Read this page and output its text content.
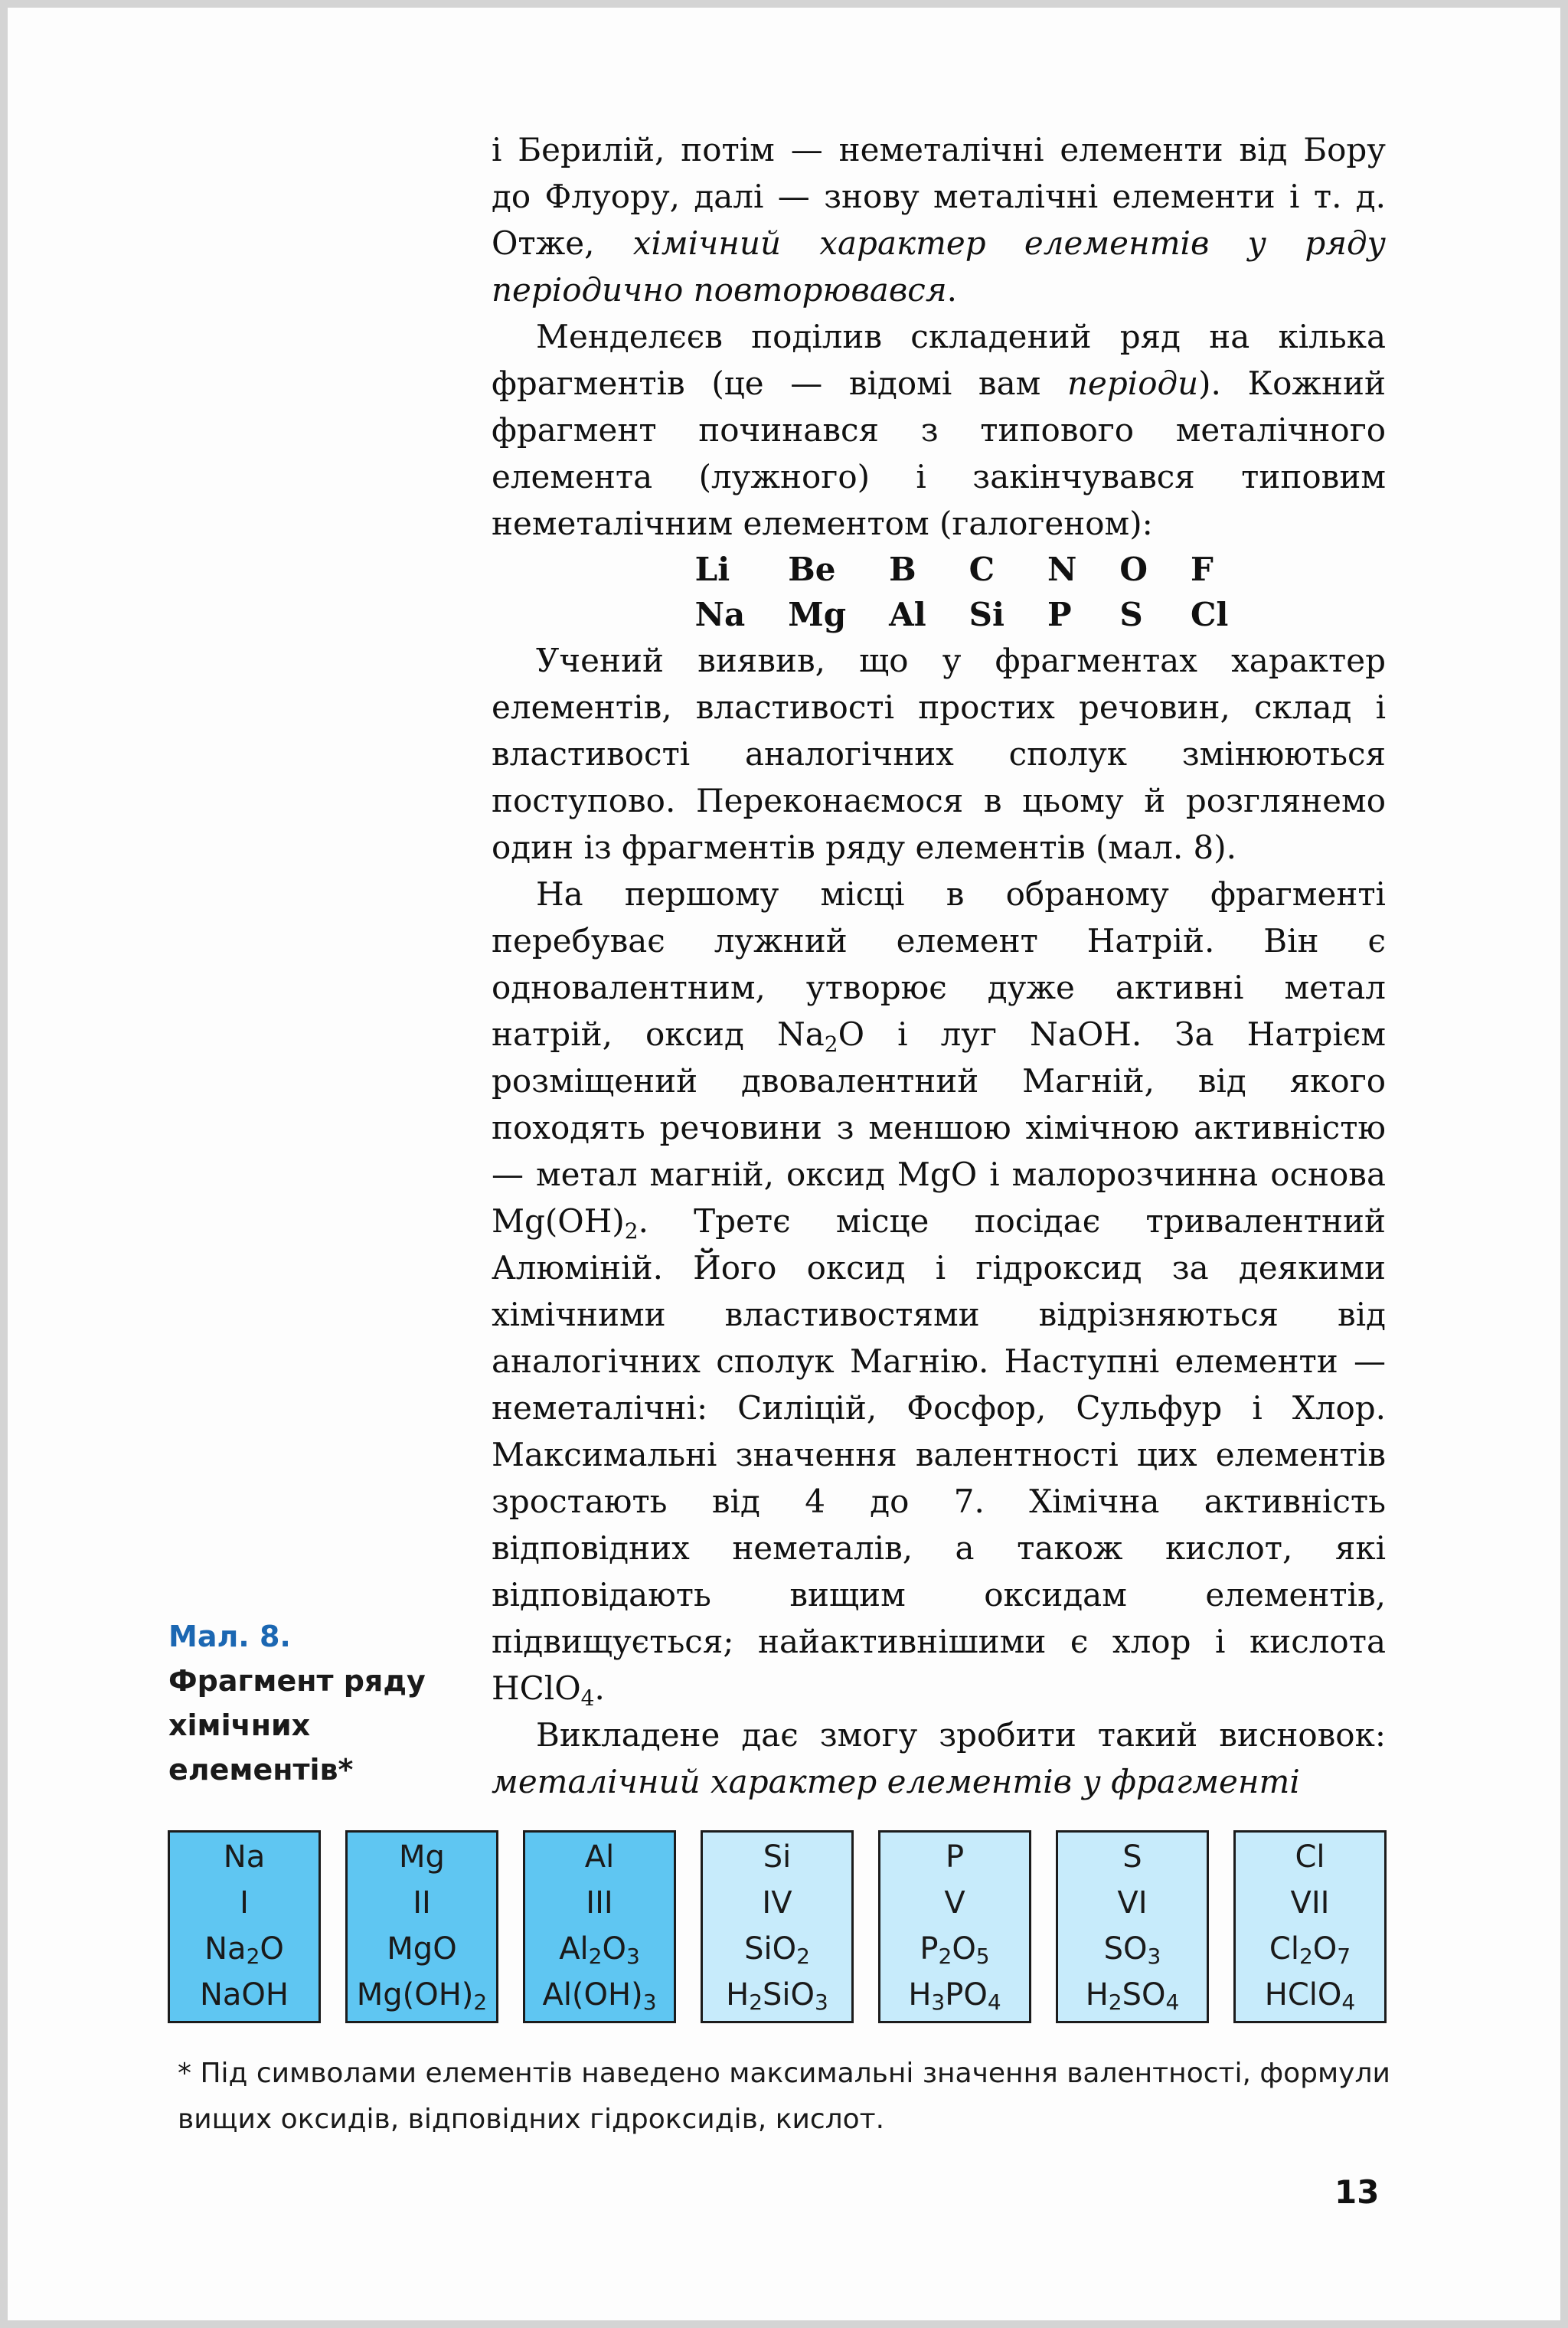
і Берилій, потім — неметалічні елементи від Бору до Флуору, далі — знову металічні елементи і т. д. Отже, хімічний характер елементів у ряду періодично повторювався.

Менделєєв поділив складений ряд на кілька фрагментів (це — відомі вам періоди). Кожний фрагмент починався з типового металічного елемента (лужного) і закінчувався типовим неметалічним елементом (галогеном):

Li	Be	B	C	N	O	F
Na	Mg	Al	Si	P	S	Cl

Учений виявив, що у фрагментах характер елементів, властивості простих речовин, склад і властивості аналогічних сполук змінюються поступово. Переконаємося в цьому й розглянемо один із фрагментів ряду елементів (мал. 8).

На першому місці в обраному фрагменті перебуває лужний елемент Натрій. Він є одновалентним, утворює дуже активні метал натрій, оксид $Na_2O$ і луг NaOH. За Натрієм розміщений двовалентний Магній, від якого походять речовини з меншою хімічною активністю — метал магній, оксид MgO і малорозчинна основа $Mg(OH)_2$. Третє місце посідає тривалентний Алюміній. Його оксид і гідроксид за деякими хімічними властивостями відрізняються від аналогічних сполук Магнію. Наступні елементи — неметалічні: Силіцій, Фосфор, Сульфур і Хлор. Максимальні значення валентності цих елементів зростають від 4 до 7. Хімічна активність відповідних неметалів, а також кислот, які відповідають вищим оксидам елементів, підвищується; найактивнішими є хлор і кислота HClO$_4$.

Викладене дає змогу зробити такий висновок: металічний характер елементів у фрагменті

Мал. 8.
Фрагмент ряду хімічних елементів*
Na
I
$Na_2O$
NaOH
Mg
II
MgO
$Mg(OH)_2$
Al
III
$Al_2O_3$
$Al(OH)_3$
Si
IV
SiO$_2$
$H_2SiO_3$
P
V
$P_2O_5$
$H_3PO_4$
S
VI
$SO_3$
$H_2SO_4$
Cl
VII
$Cl_2O_7$
HClO$_4$
* Під символами елементів наведено максимальні значення валентності, формули вищих оксидів, відповідних гідроксидів, кислот.
13
